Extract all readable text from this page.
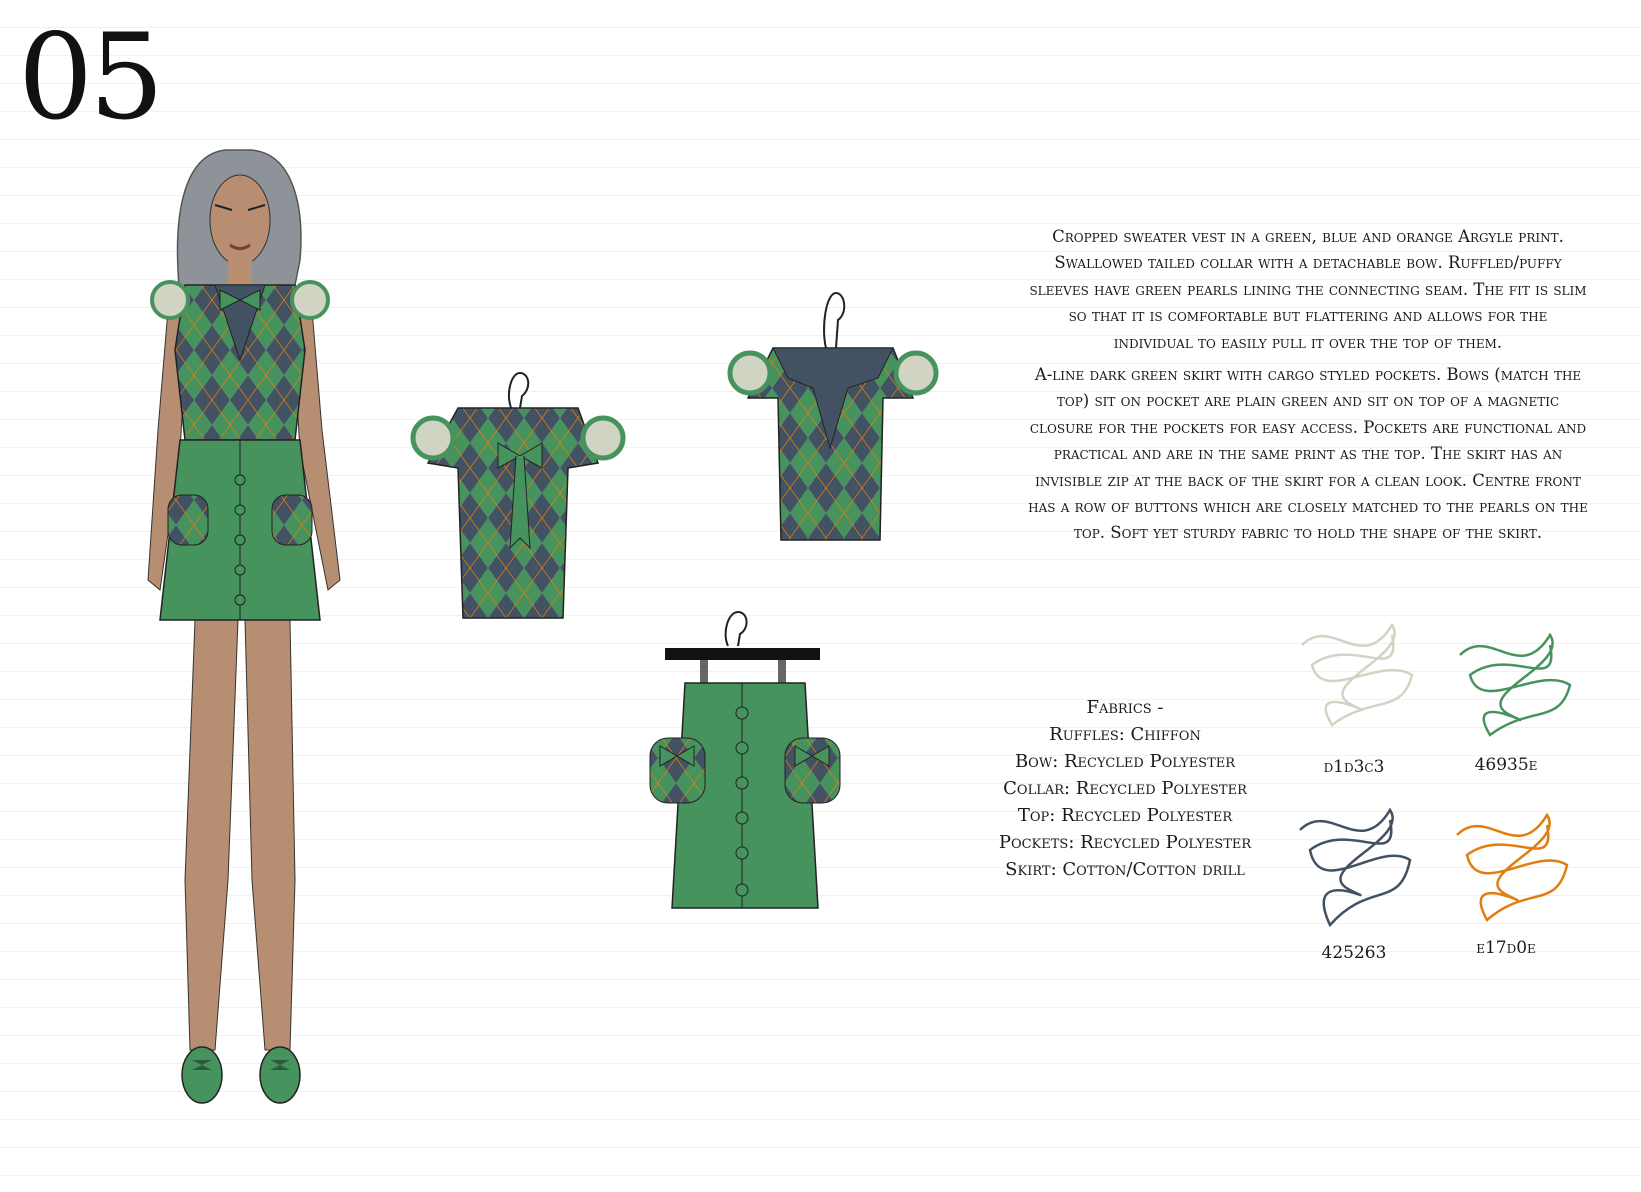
05

Cropped sweater vest in a green, blue and orange Argyle print. Swallowed tailed collar with a detachable bow. Ruffled/puffy sleeves have green pearls lining the connecting seam. The fit is slim so that it is comfortable but flattering and allows for the individual to easily pull it over the top of them.

A-line dark green skirt with cargo styled pockets. Bows (match the top) sit on pocket are plain green and sit on top of a magnetic closure for the pockets for easy access. Pockets are functional and practical and are in the same print as the top. The skirt has an invisible zip at the back of the skirt for a clean look. Centre front has a row of buttons which are closely matched to the pearls on the top. Soft yet sturdy fabric to hold the shape of the skirt.

Fabrics -
Ruffles: Chiffon
Bow: Recycled Polyester
Collar: Recycled Polyester
Top: Recycled Polyester
Pockets: Recycled Polyester
Skirt: Cotton/Cotton drill
d1d3c3	46935e
425263	e17d0e
